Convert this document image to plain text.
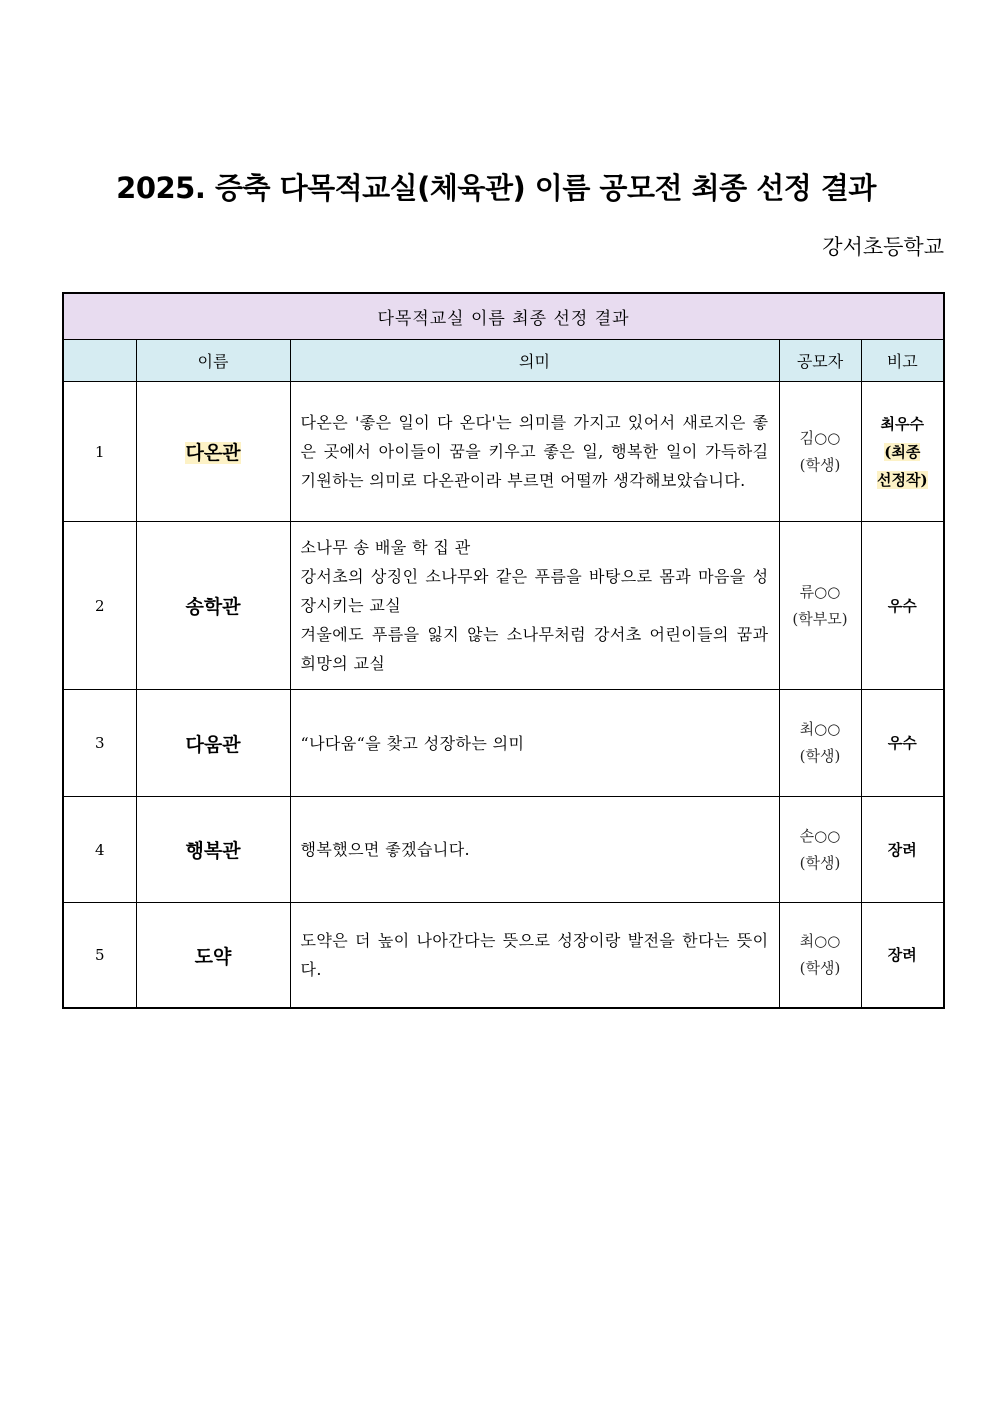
2025. 증축 다목적교실(체육관) 이름 공모전 최종 선정 결과
강서초등학교
다목적교실 이름 최종 선정 결과				
	이름	의미	공모자	비고
1	다온관	다온은 '좋은 일이 다 온다'는 의미를 가지고 있어서 새로지은 좋은 곳에서 아이들이 꿈을 키우고 좋은 일, 행복한 일이 가득하길 기원하는 의미로 다온관이라 부르면 어떨까 생각해보았습니다.	김○○
(학생)	최우수
(최종
선정작)

2	송학관	소나무 송 배울 학 집 관
강서초의 상징인 소나무와 같은 푸름을 바탕으로 몸과 마음을 성장시키는 교실
겨울에도 푸름을 잃지 않는 소나무처럼 강서초 어린이들의 꿈과 희망의 교실	류○○
(학부모)	우수

3	다움관	“나다움“을 찾고 성장하는 의미	최○○
(학생)	우수

4	행복관	행복했으면 좋겠습니다.	손○○
(학생)	장려

5	도약	도약은 더 높이 나아간다는 뜻으로 성장이랑 발전을 한다는 뜻이다.	최○○
(학생)	장려
